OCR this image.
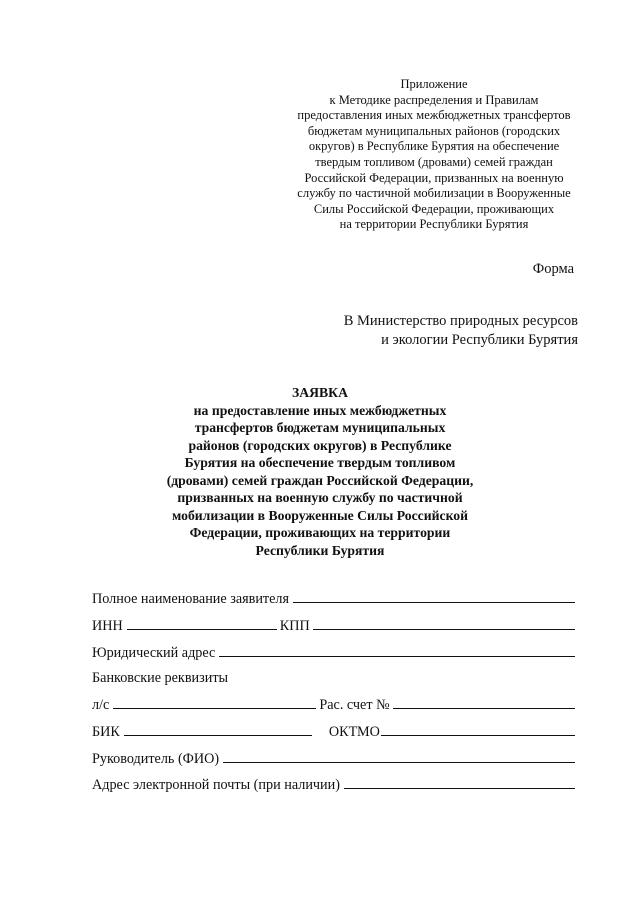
Приложение
к Методике распределения и Правилам
предоставления иных межбюджетных трансфертов
бюджетам муниципальных районов (городских
округов) в Республике Бурятия на обеспечение
твердым топливом (дровами) семей граждан
Российской Федерации, призванных на военную
службу по частичной мобилизации в Вооруженные
Силы Российской Федерации, проживающих
на территории Республики Бурятия
Форма
В Министерство природных ресурсов
и экологии Республики Бурятия
ЗАЯВКА
на предоставление иных межбюджетных
трансфертов бюджетам муниципальных
районов (городских округов) в Республике
Бурятия на обеспечение твердым топливом
(дровами) семей граждан Российской Федерации,
призванных на военную службу по частичной
мобилизации в Вооруженные Силы Российской
Федерации, проживающих на территории
Республики Бурятия
Полное наименование заявителя
ИНН	КПП
Юридический адрес
Банковские реквизиты
л/с	Рас. счет №
БИК	ОКТМО
Руководитель (ФИО)
Адрес электронной почты (при наличии)
